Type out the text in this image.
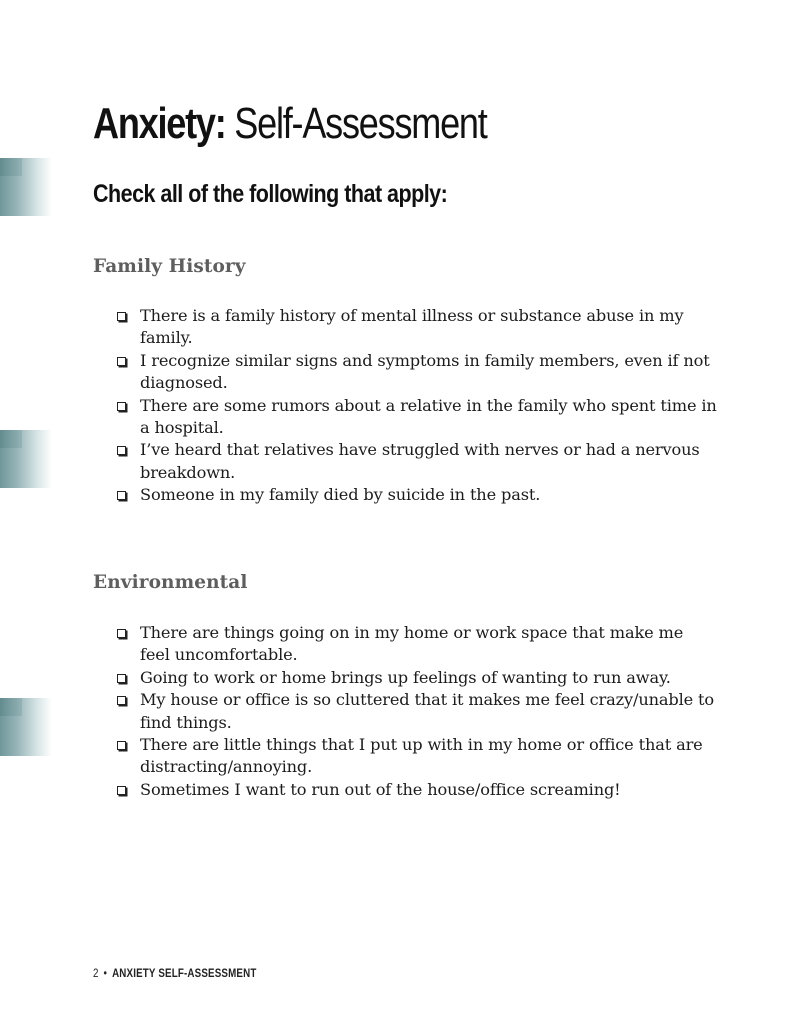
Anxiety: Self-Assessment

Check all of the following that apply:

Family History
There is a family history of mental illness or substance abuse in my family.
I recognize similar signs and symptoms in family members, even if not diagnosed.
There are some rumors about a relative in the family who spent time in a hospital.
I’ve heard that relatives have struggled with nerves or had a nervous breakdown.
Someone in my family died by suicide in the past.
Environmental
There are things going on in my home or work space that make me feel uncomfortable.
Going to work or home brings up feelings of wanting to run away.
My house or office is so cluttered that it makes me feel crazy/unable to find things.
There are little things that I put up with in my home or office that are distracting/annoying.
Sometimes I want to run out of the house/office screaming!

2 • ANXIETY SELF-ASSESSMENT
